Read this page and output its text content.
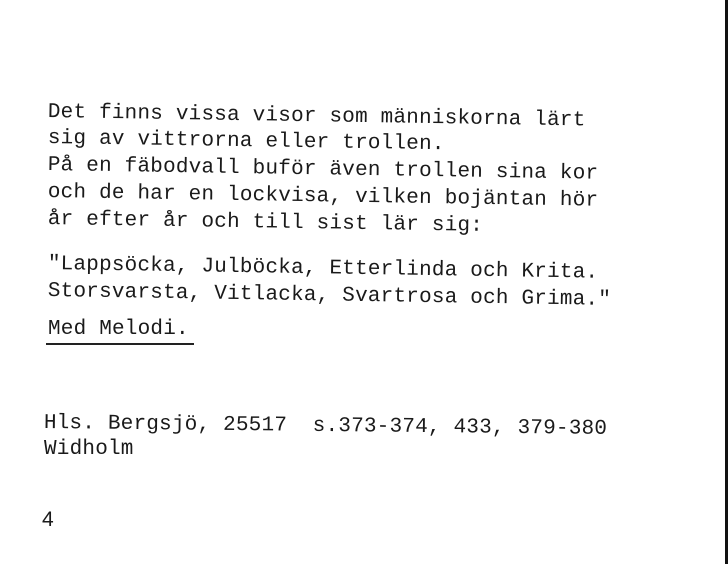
Det finns vissa visor som människorna lärt
sig av vittrorna eller trollen.
På en fäbodvall buför även trollen sina kor
och de har en lockvisa, vilken bojäntan hör
år efter år och till sist lär sig:
"Lappsöcka, Julböcka, Etterlinda och Krita.
Storsvarsta, Vitlacka, Svartrosa och Grima."
Med Melodi.
Hls. Bergsjö, 25517  s.373-374, 433, 379-380
Widholm
4
